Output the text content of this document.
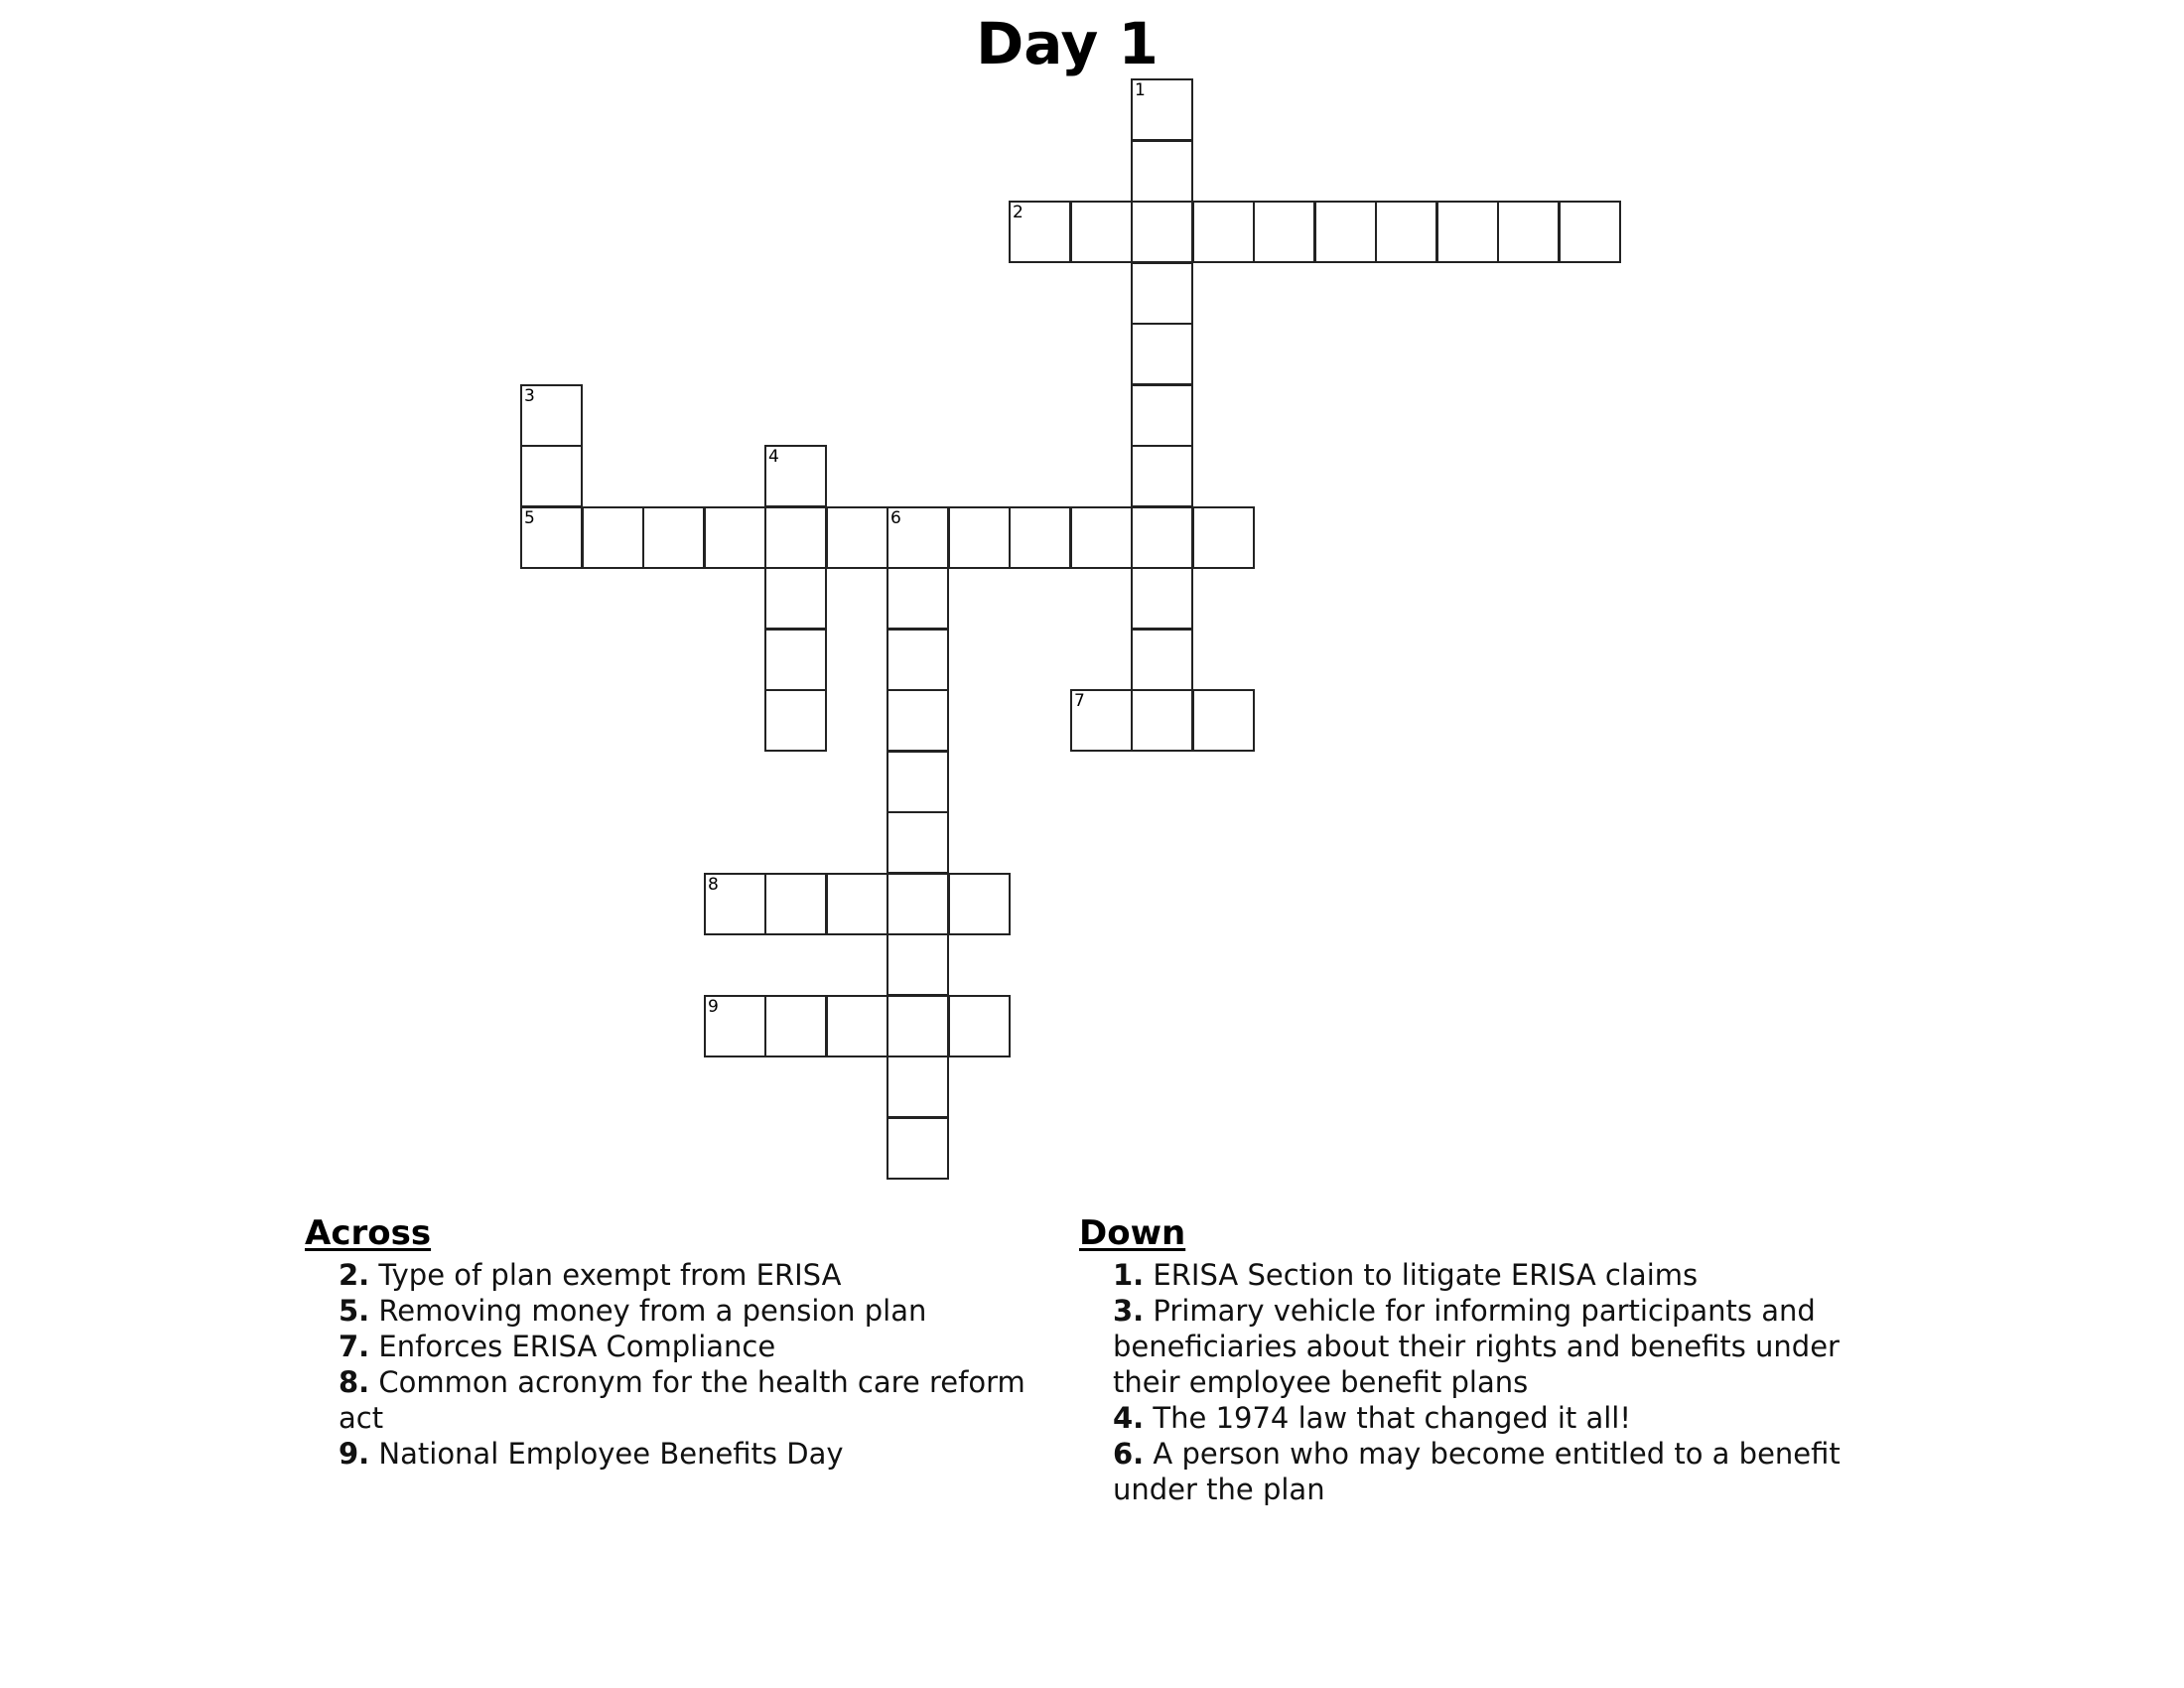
Day 1
1
2
3
4
5	6
7
8
9
Across
2. Type of plan exempt from ERISA
5. Removing money from a pension plan
7. Enforces ERISA Compliance
8. Common acronym for the health care reform act
9. National Employee Benefits Day
Down
1. ERISA Section to litigate ERISA claims
3. Primary vehicle for informing participants and beneficiaries about their rights and benefits under their employee benefit plans
4. The 1974 law that changed it all!
6. A person who may become entitled to a benefit under the plan
